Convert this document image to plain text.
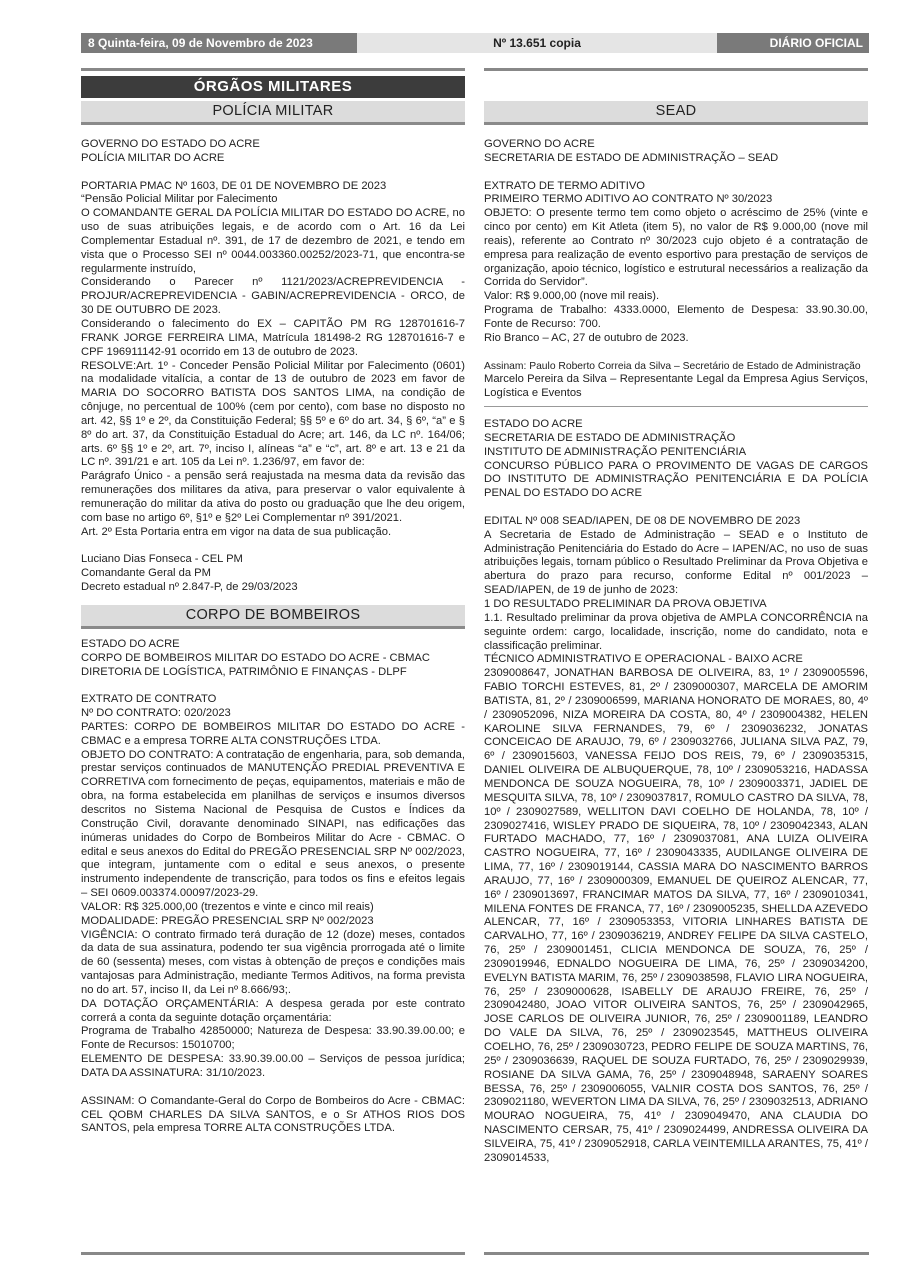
8 Quinta-feira, 09 de Novembro de 2023	Nº 13.651 copia	DIÁRIO OFICIAL
ÓRGÃOS MILITARES
POLÍCIA MILITAR

GOVERNO DO ESTADO DO ACRE

POLÍCIA MILITAR DO ACRE

PORTARIA PMAC Nº 1603, DE 01 DE NOVEMBRO DE 2023

“Pensão Policial Militar por Falecimento

O COMANDANTE GERAL DA POLÍCIA MILITAR DO ESTADO DO ACRE, no uso de suas atribuições legais, e de acordo com o Art. 16 da Lei Complementar Estadual nº. 391, de 17 de dezembro de 2021, e tendo em vista que o Processo SEI nº 0044.003360.00252/2023-71, que encontra-se regularmente instruído,

Considerando o Parecer nº 1121/2023/ACREPREVIDENCIA - PROJUR/ACREPREVIDENCIA - GABIN/ACREPREVIDENCIA - ORCO, de 30 DE OUTUBRO DE 2023.

Considerando o falecimento do EX – CAPITÃO PM RG 128701616-7 FRANK JORGE FERREIRA LIMA, Matrícula 181498-2 RG 128701616-7 e CPF 196911142-91 ocorrido em 13 de outubro de 2023.

RESOLVE:Art. 1º - Conceder Pensão Policial Militar por Falecimento (0601) na modalidade vitalícia, a contar de 13 de outubro de 2023 em favor de MARIA DO SOCORRO BATISTA DOS SANTOS LIMA, na condição de cônjuge, no percentual de 100% (cem por cento), com base no disposto no art. 42, §§ 1º e 2º, da Constituição Federal; §§ 5º e 6º do art. 34, § 6º, “a” e § 8º do art. 37, da Constituição Estadual do Acre; art. 146, da LC nº. 164/06; arts. 6º §§ 1º e 2º, art. 7º, inciso I, alíneas “a” e “c”, art. 8º e art. 13 e 21 da LC nº. 391/21 e art. 105 da Lei nº. 1.236/97, em favor de:

Parágrafo Único - a pensão será reajustada na mesma data da revisão das remunerações dos militares da ativa, para preservar o valor equivalente à remuneração do militar da ativa do posto ou graduação que lhe deu origem, com base no artigo 6º, §1º e §2º Lei Complementar nº 391/2021.

Art. 2º Esta Portaria entra em vigor na data de sua publicação.

Luciano Dias Fonseca - CEL PM

Comandante Geral da PM

Decreto estadual nº 2.847-P, de 29/03/2023

CORPO DE BOMBEIROS

ESTADO DO ACRE

CORPO DE BOMBEIROS MILITAR DO ESTADO DO ACRE - CBMAC

DIRETORIA DE LOGÍSTICA, PATRIMÔNIO E FINANÇAS - DLPF

EXTRATO DE CONTRATO

Nº DO CONTRATO: 020/2023

PARTES: CORPO DE BOMBEIROS MILITAR DO ESTADO DO ACRE - CBMAC e a empresa TORRE ALTA CONSTRUÇÕES LTDA.

OBJETO DO CONTRATO: A contratação de engenharia, para, sob demanda, prestar serviços continuados de MANUTENÇÃO PREDIAL PREVENTIVA E CORRETIVA com fornecimento de peças, equipamentos, materiais e mão de obra, na forma estabelecida em planilhas de serviços e insumos diversos descritos no Sistema Nacional de Pesquisa de Custos e Índices da Construção Civil, doravante denominado SINAPI, nas edificações das inúmeras unidades do Corpo de Bombeiros Militar do Acre - CBMAC. O edital e seus anexos do Edital do PREGÃO PRESENCIAL SRP Nº 002/2023, que integram, juntamente com o edital e seus anexos, o presente instrumento independente de transcrição, para todos os fins e efeitos legais – SEI 0609.003374.00097/2023-29.

VALOR: R$ 325.000,00 (trezentos e vinte e cinco mil reais)

MODALIDADE: PREGÃO PRESENCIAL SRP Nº 002/2023

VIGÊNCIA: O contrato firmado terá duração de 12 (doze) meses, contados da data de sua assinatura, podendo ter sua vigência prorrogada até o limite de 60 (sessenta) meses, com vistas à obtenção de preços e condições mais vantajosas para Administração, mediante Termos Aditivos, na forma prevista no do art. 57, inciso II, da Lei nº 8.666/93;.

DA DOTAÇÃO ORÇAMENTÁRIA: A despesa gerada por este contrato correrá a conta da seguinte dotação orçamentária:

Programa de Trabalho 42850000; Natureza de Despesa: 33.90.39.00.00; e Fonte de Recursos: 15010700;

ELEMENTO DE DESPESA: 33.90.39.00.00 – Serviços de pessoa jurídica; DATA DA ASSINATURA: 31/10/2023.

ASSINAM: O Comandante-Geral do Corpo de Bombeiros do Acre - CBMAC: CEL QOBM CHARLES DA SILVA SANTOS, e o Sr ATHOS RIOS DOS SANTOS, pela empresa TORRE ALTA CONSTRUÇÕES LTDA.

SEAD

GOVERNO DO ACRE

SECRETARIA DE ESTADO DE ADMINISTRAÇÃO – SEAD

EXTRATO DE TERMO ADITIVO

PRIMEIRO TERMO ADITIVO AO CONTRATO Nº 30/2023

OBJETO: O presente termo tem como objeto o acréscimo de 25% (vinte e cinco por cento) em Kit Atleta (item 5), no valor de R$ 9.000,00 (nove mil reais), referente ao Contrato nº 30/2023 cujo objeto é a contratação de empresa para realização de evento esportivo para prestação de serviços de organização, apoio técnico, logístico e estrutural necessários a realização da Corrida do Servidor”.

Valor: R$ 9.000,00 (nove mil reais).

Programa de Trabalho: 4333.0000, Elemento de Despesa: 33.90.30.00, Fonte de Recurso: 700.

Rio Branco – AC, 27 de outubro de 2023.

Assinam: Paulo Roberto Correia da Silva – Secretário de Estado de Administração

Marcelo Pereira da Silva – Representante Legal da Empresa Agius Serviços, Logística e Eventos

ESTADO DO ACRE

SECRETARIA DE ESTADO DE ADMINISTRAÇÃO

INSTITUTO DE ADMINISTRAÇÃO PENITENCIÁRIA

CONCURSO PÚBLICO PARA O PROVIMENTO DE VAGAS DE CARGOS DO INSTITUTO DE ADMINISTRAÇÃO PENITENCIÁRIA E DA POLÍCIA PENAL DO ESTADO DO ACRE

EDITAL Nº 008 SEAD/IAPEN, DE 08 DE NOVEMBRO DE 2023

A Secretaria de Estado de Administração – SEAD e o Instituto de Administração Penitenciária do Estado do Acre – IAPEN/AC, no uso de suas atribuições legais, tornam público o Resultado Preliminar da Prova Objetiva e abertura do prazo para recurso, conforme Edital nº 001/2023 – SEAD/IAPEN, de 19 de junho de 2023:

1 DO RESULTADO PRELIMINAR DA PROVA OBJETIVA

1.1. Resultado preliminar da prova objetiva de AMPLA CONCORRÊNCIA na seguinte ordem: cargo, localidade, inscrição, nome do candidato, nota e classificação preliminar.

TÉCNICO ADMINISTRATIVO E OPERACIONAL - BAIXO ACRE

2309008647, JONATHAN BARBOSA DE OLIVEIRA, 83, 1º / 2309005596, FABIO TORCHI ESTEVES, 81, 2º / 2309000307, MARCELA DE AMORIM BATISTA, 81, 2º / 2309006599, MARIANA HONORATO DE MORAES, 80, 4º / 2309052096, NIZA MOREIRA DA COSTA, 80, 4º / 2309004382, HELEN KAROLINE SILVA FERNANDES, 79, 6º / 2309036232, JONATAS CONCEICAO DE ARAUJO, 79, 6º / 2309032766, JULIANA SILVA PAZ, 79, 6º / 2309015603, VANESSA FEIJO DOS REIS, 79, 6º / 2309035315, DANIEL OLIVEIRA DE ALBUQUERQUE, 78, 10º / 2309053216, HADASSA MENDONCA DE SOUZA NOGUEIRA, 78, 10º / 2309003371, JADIEL DE MESQUITA SILVA, 78, 10º / 2309037817, ROMULO CASTRO DA SILVA, 78, 10º / 2309027589, WELLITON DAVI COELHO DE HOLANDA, 78, 10º / 2309027416, WISLEY PRADO DE SIQUEIRA, 78, 10º / 2309042343, ALAN FURTADO MACHADO, 77, 16º / 2309037081, ANA LUIZA OLIVEIRA CASTRO NOGUEIRA, 77, 16º / 2309043335, AUDILANGE OLIVEIRA DE LIMA, 77, 16º / 2309019144, CASSIA MARA DO NASCIMENTO BARROS ARAUJO, 77, 16º / 2309000309, EMANUEL DE QUEIROZ ALENCAR, 77, 16º / 2309013697, FRANCIMAR MATOS DA SILVA, 77, 16º / 2309010341, MILENA FONTES DE FRANCA, 77, 16º / 2309005235, SHELLDA AZEVEDO ALENCAR, 77, 16º / 2309053353, VITORIA LINHARES BATISTA DE CARVALHO, 77, 16º / 2309036219, ANDREY FELIPE DA SILVA CASTELO, 76, 25º / 2309001451, CLICIA MENDONCA DE SOUZA, 76, 25º / 2309019946, EDNALDO NOGUEIRA DE LIMA, 76, 25º / 2309034200, EVELYN BATISTA MARIM, 76, 25º / 2309038598, FLAVIO LIRA NOGUEIRA, 76, 25º / 2309000628, ISABELLY DE ARAUJO FREIRE, 76, 25º / 2309042480, JOAO VITOR OLIVEIRA SANTOS, 76, 25º / 2309042965, JOSE CARLOS DE OLIVEIRA JUNIOR, 76, 25º / 2309001189, LEANDRO DO VALE DA SILVA, 76, 25º / 2309023545, MATTHEUS OLIVEIRA COELHO, 76, 25º / 2309030723, PEDRO FELIPE DE SOUZA MARTINS, 76, 25º / 2309036639, RAQUEL DE SOUZA FURTADO, 76, 25º / 2309029939, ROSIANE DA SILVA GAMA, 76, 25º / 2309048948, SARAENY SOARES BESSA, 76, 25º / 2309006055, VALNIR COSTA DOS SANTOS, 76, 25º / 2309021180, WEVERTON LIMA DA SILVA, 76, 25º / 2309032513, ADRIANO MOURAO NOGUEIRA, 75, 41º / 2309049470, ANA CLAUDIA DO NASCIMENTO CERSAR, 75, 41º / 2309024499, ANDRESSA OLIVEIRA DA SILVEIRA, 75, 41º / 2309052918, CARLA VEINTEMILLA ARANTES, 75, 41º / 2309014533,
